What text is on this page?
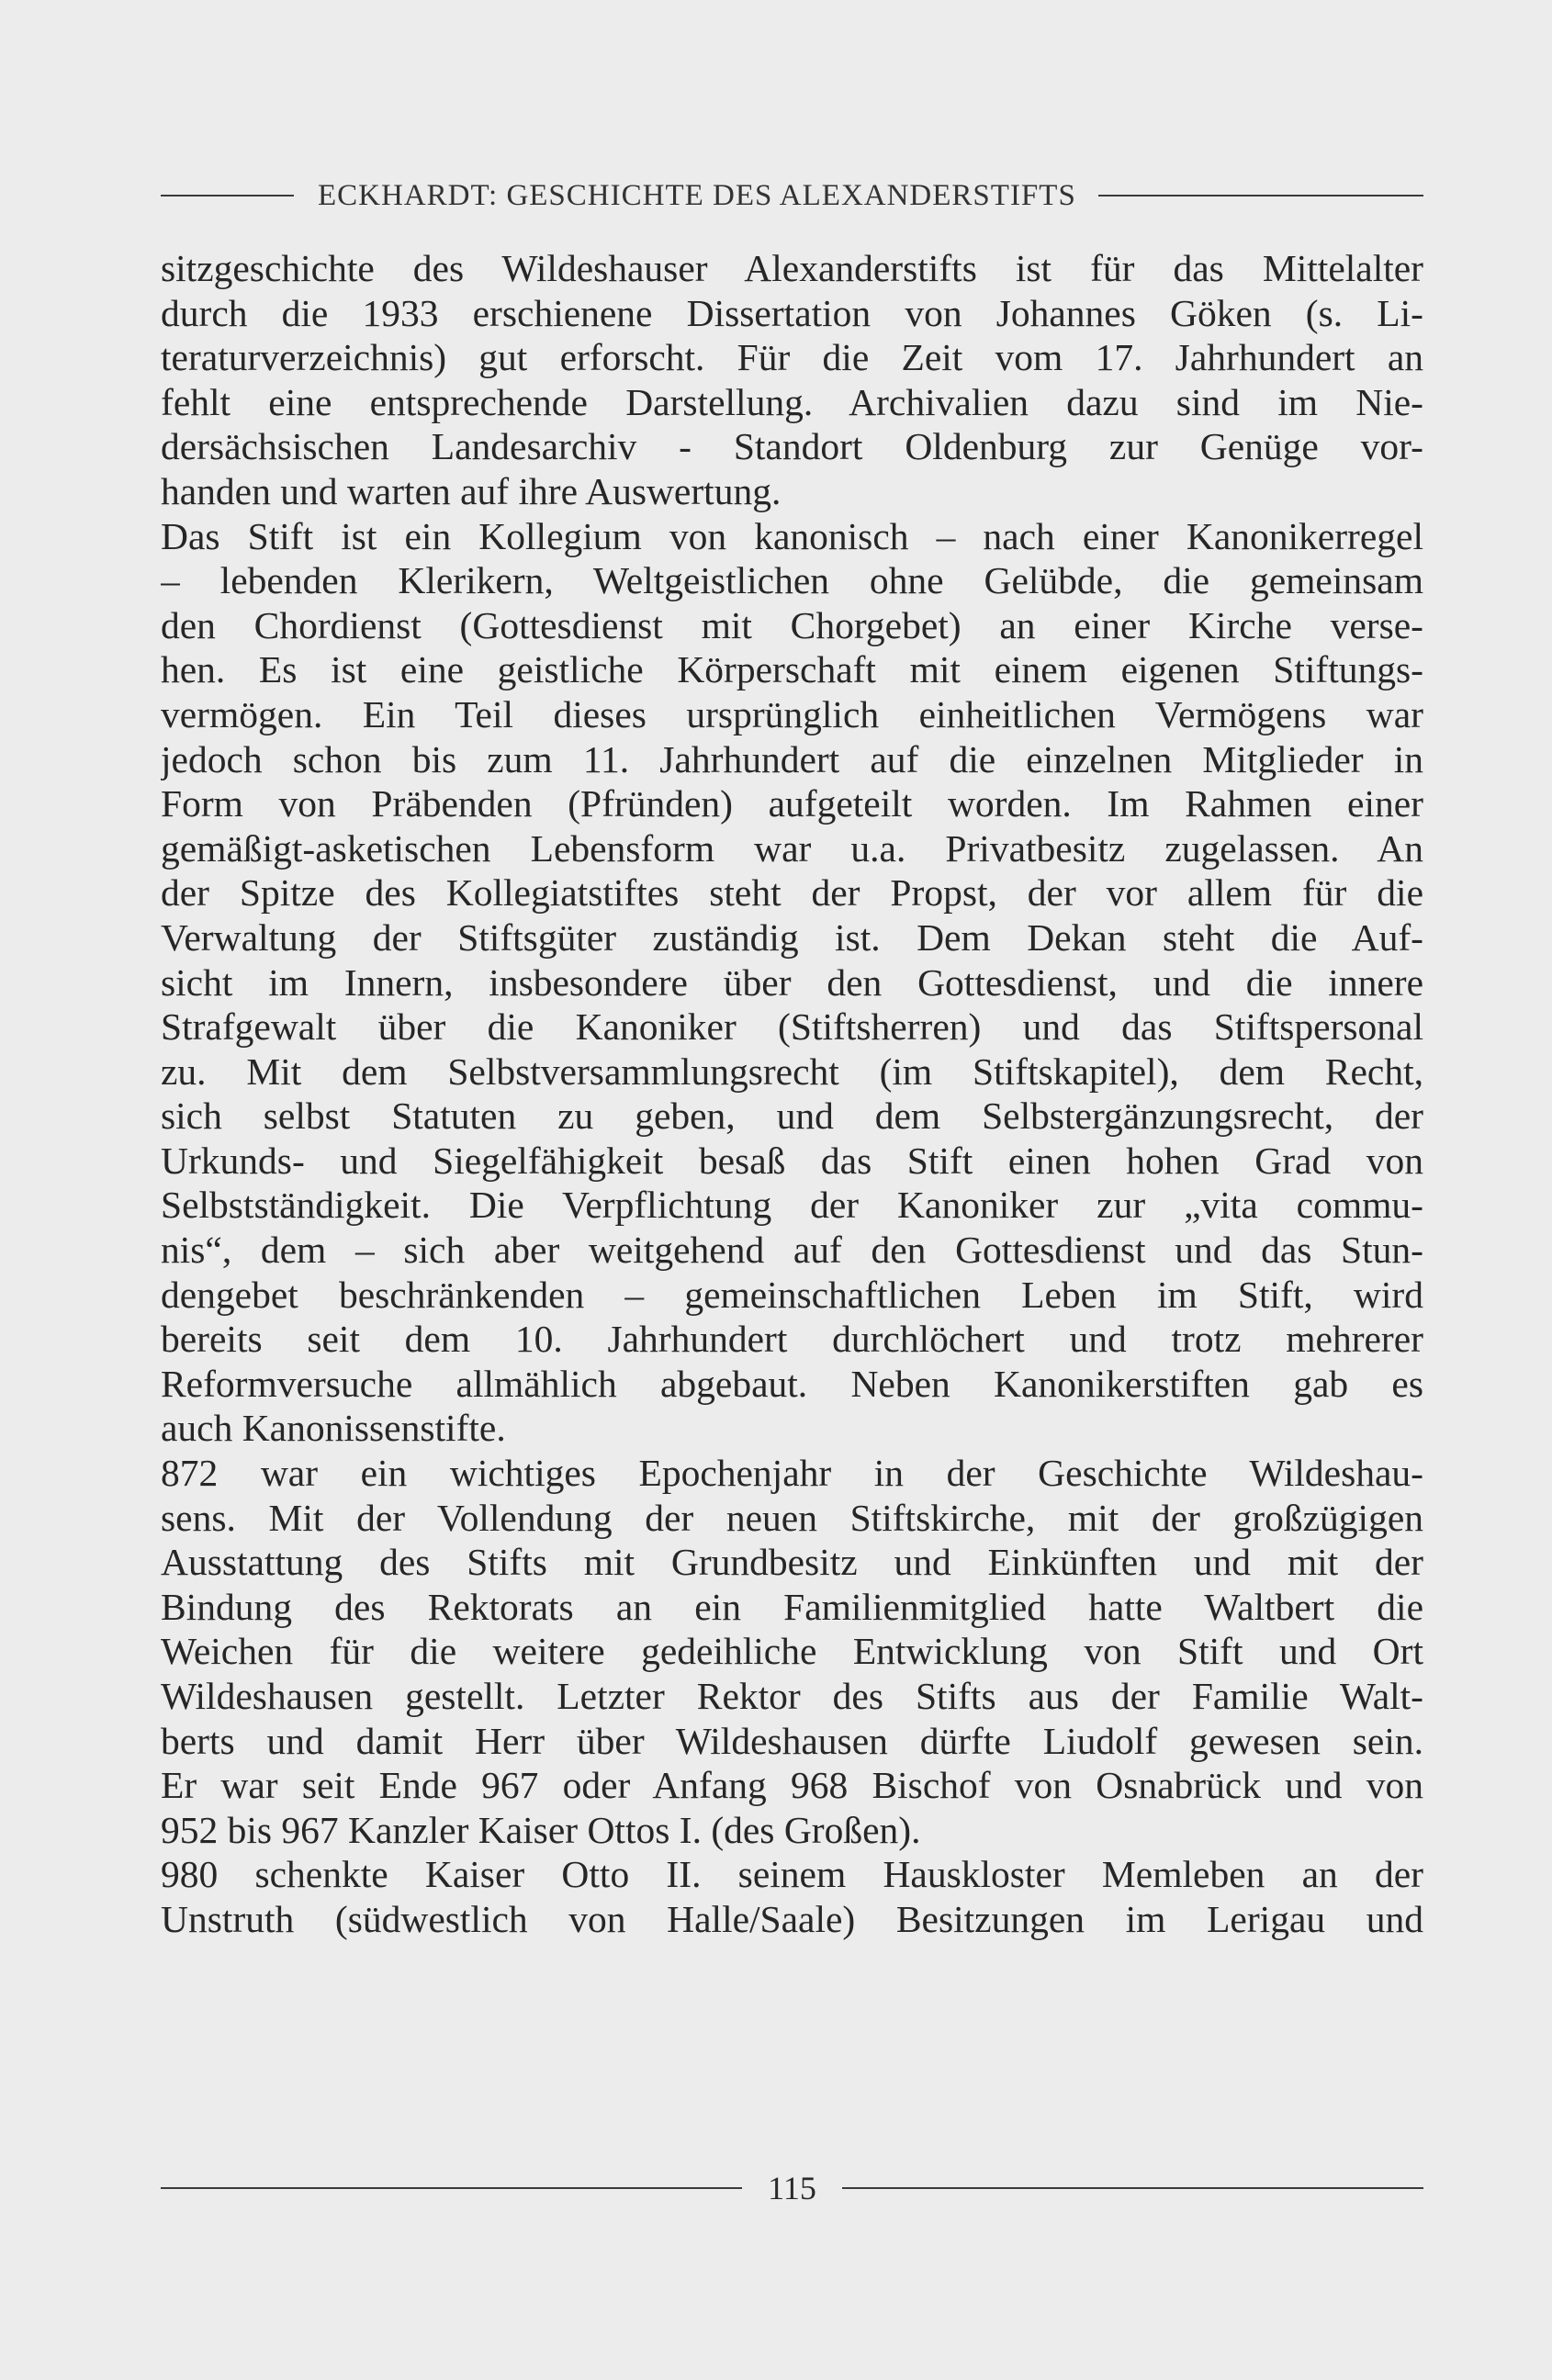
ECKHARDT: GESCHICHTE DES ALEXANDERSTIFTS
sitzgeschichte des Wildeshauser Alexanderstifts ist für das Mittelalter
durch die 1933 erschienene Dissertation von Johannes Göken (s. Li-
teraturverzeichnis) gut erforscht. Für die Zeit vom 17. Jahrhundert an
fehlt eine entsprechende Darstellung. Archivalien dazu sind im Nie-
dersächsischen Landesarchiv - Standort Oldenburg zur Genüge vor-
handen und warten auf ihre Auswertung.
Das Stift ist ein Kollegium von kanonisch – nach einer Kanonikerregel
– lebenden Klerikern, Weltgeistlichen ohne Gelübde, die gemeinsam
den Chordienst (Gottesdienst mit Chorgebet) an einer Kirche verse-
hen. Es ist eine geistliche Körperschaft mit einem eigenen Stiftungs-
vermögen. Ein Teil dieses ursprünglich einheitlichen Vermögens war
jedoch schon bis zum 11. Jahrhundert auf die einzelnen Mitglieder in
Form von Präbenden (Pfründen) aufgeteilt worden. Im Rahmen einer
gemäßigt-asketischen Lebensform war u.a. Privatbesitz zugelassen. An
der Spitze des Kollegiatstiftes steht der Propst, der vor allem für die
Verwaltung der Stiftsgüter zuständig ist. Dem Dekan steht die Auf-
sicht im Innern, insbesondere über den Gottesdienst, und die innere
Strafgewalt über die Kanoniker (Stiftsherren) und das Stiftspersonal
zu. Mit dem Selbstversammlungsrecht (im Stiftskapitel), dem Recht,
sich selbst Statuten zu geben, und dem Selbstergänzungsrecht, der
Urkunds- und Siegelfähigkeit besaß das Stift einen hohen Grad von
Selbstständigkeit. Die Verpflichtung der Kanoniker zur „vita commu-
nis“, dem – sich aber weitgehend auf den Gottesdienst und das Stun-
dengebet beschränkenden – gemeinschaftlichen Leben im Stift, wird
bereits seit dem 10. Jahrhundert durchlöchert und trotz mehrerer
Reformversuche allmählich abgebaut. Neben Kanonikerstiften gab es
auch Kanonissenstifte.
872 war ein wichtiges Epochenjahr in der Geschichte Wildeshau-
sens. Mit der Vollendung der neuen Stiftskirche, mit der großzügigen
Ausstattung des Stifts mit Grundbesitz und Einkünften und mit der
Bindung des Rektorats an ein Familienmitglied hatte Waltbert die
Weichen für die weitere gedeihliche Entwicklung von Stift und Ort
Wildeshausen gestellt. Letzter Rektor des Stifts aus der Familie Walt-
berts und damit Herr über Wildeshausen dürfte Liudolf gewesen sein.
Er war seit Ende 967 oder Anfang 968 Bischof von Osnabrück und von
952 bis 967 Kanzler Kaiser Ottos I. (des Großen).
980 schenkte Kaiser Otto II. seinem Hauskloster Memleben an der
Unstruth (südwestlich von Halle/Saale) Besitzungen im Lerigau und
115
